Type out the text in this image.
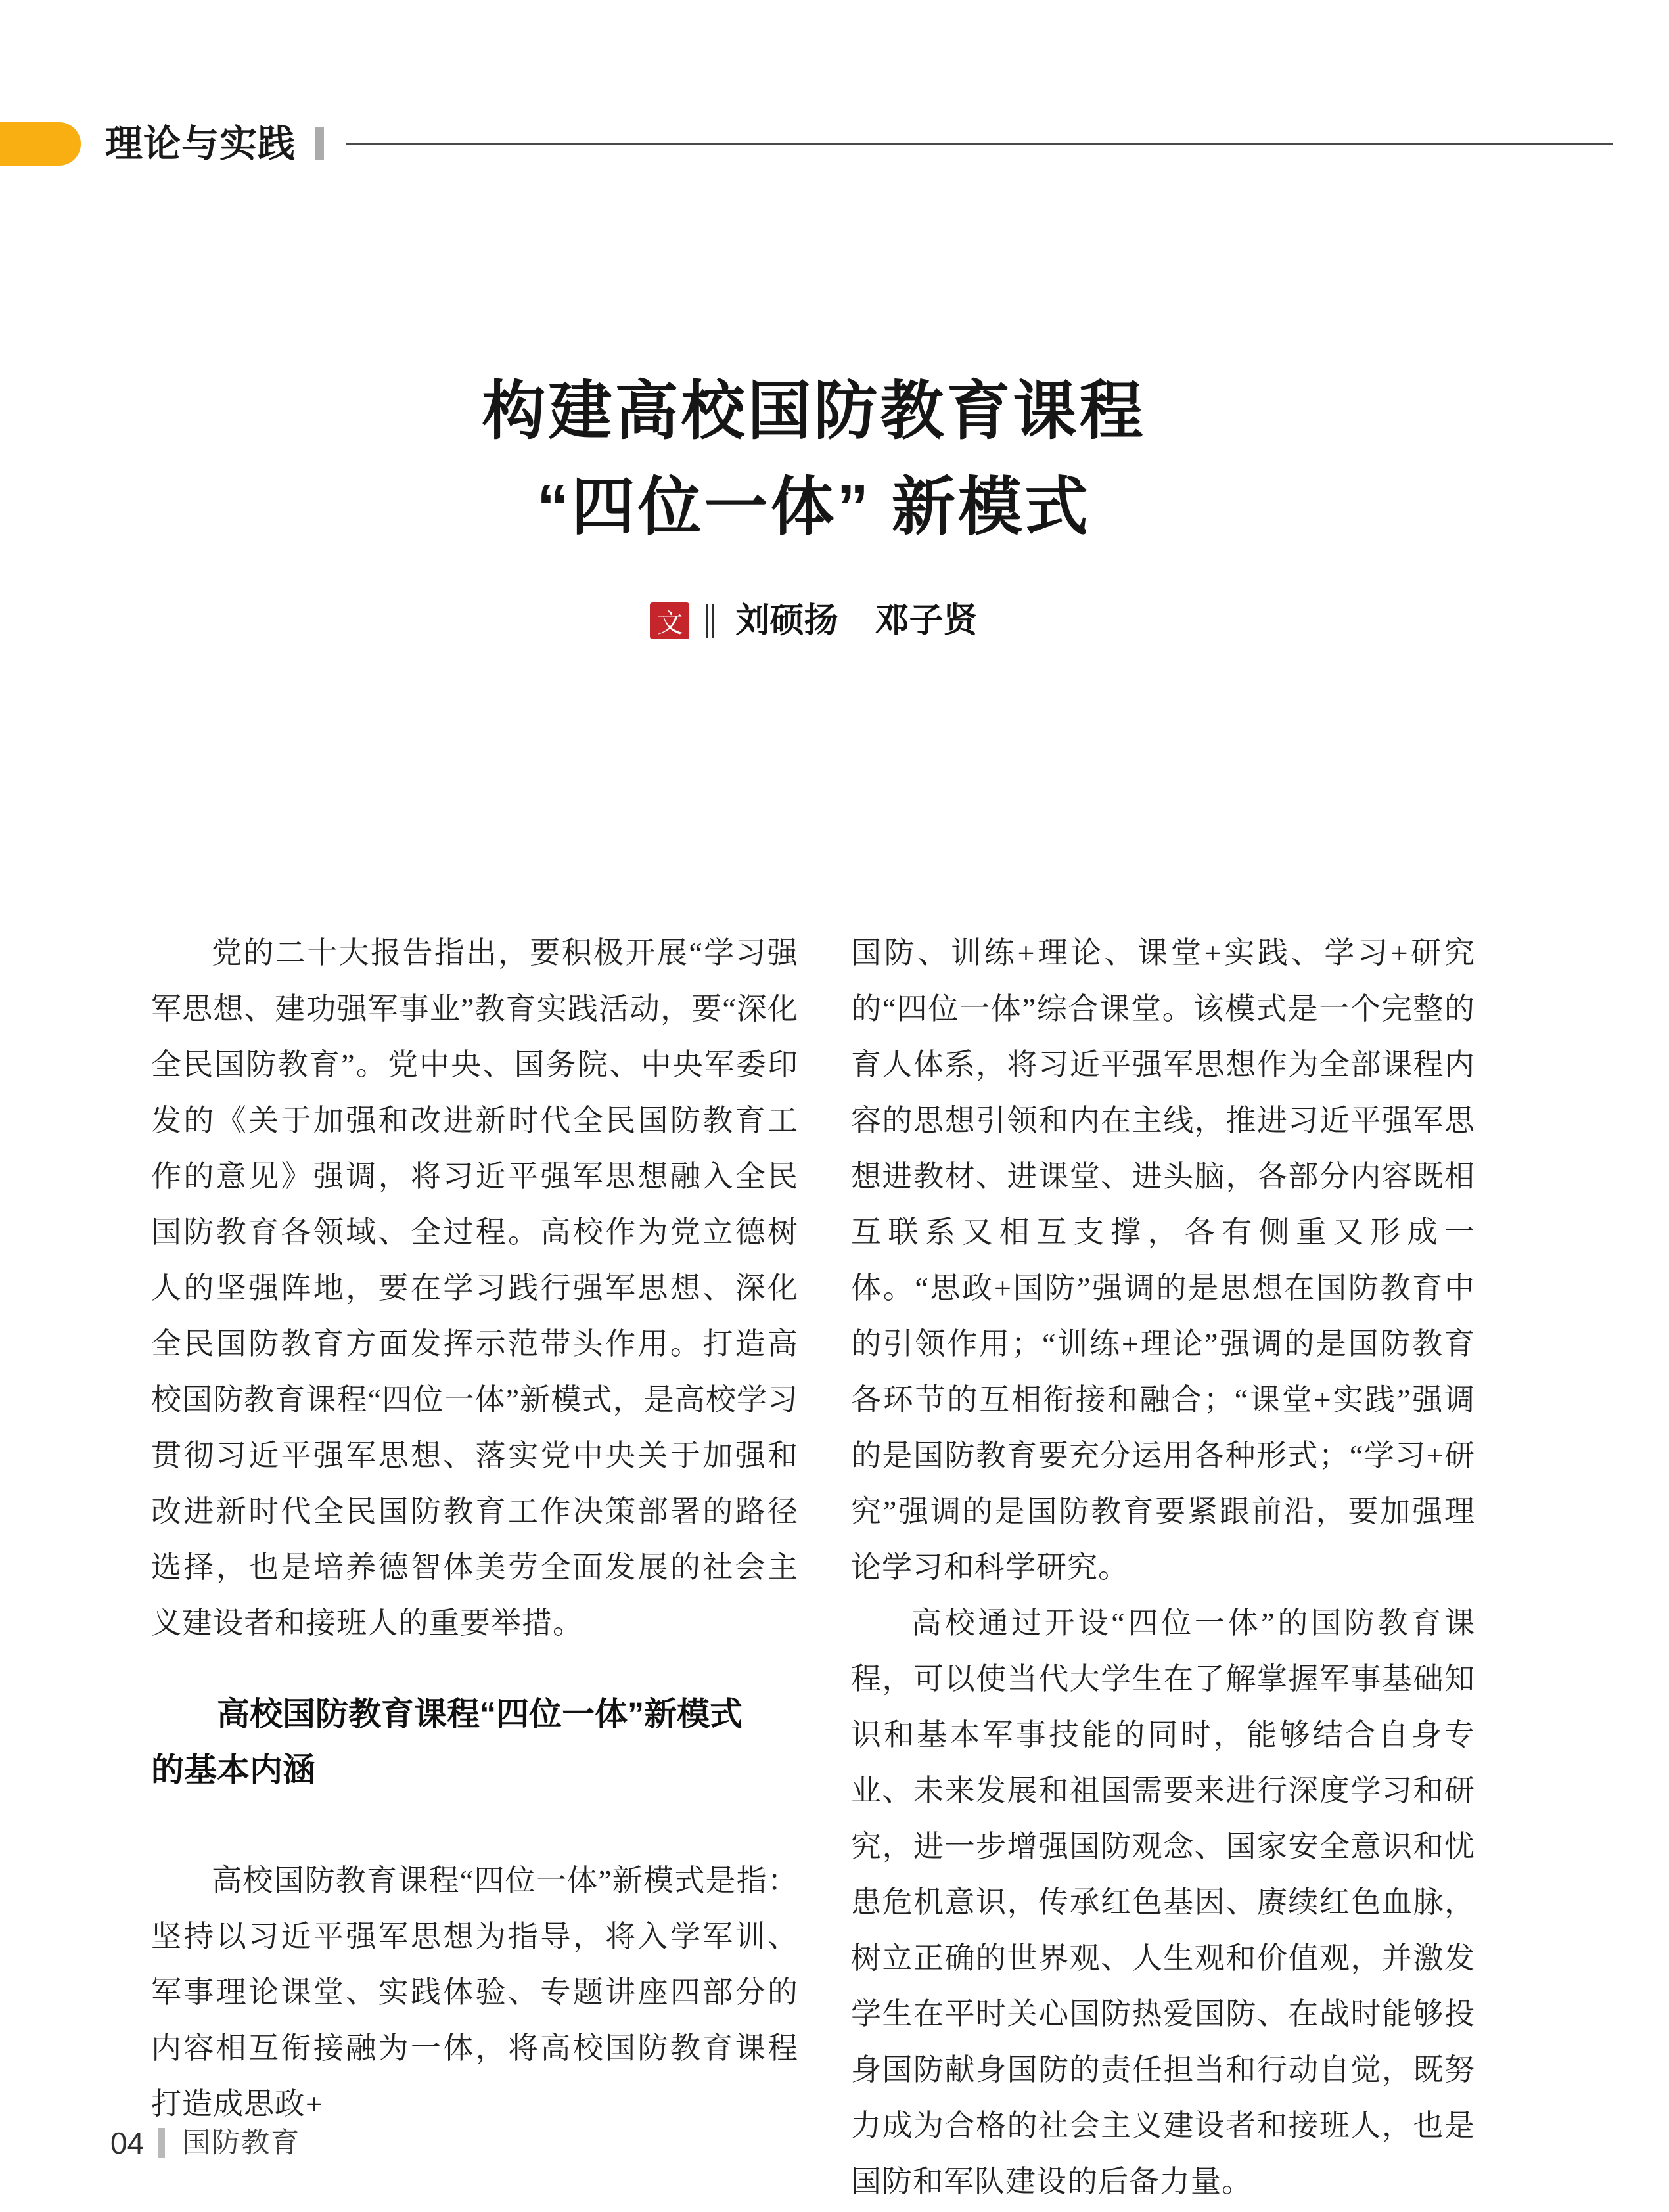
理论与实践
构建高校国防教育课程
“四位一体” 新模式
文 刘硕扬 邓子贤

党的二十大报告指出，要积极开展“学习强军思想、建功强军事业”教育实践活动，要“深化全民国防教育”。党中央、国务院、中央军委印发的《关于加强和改进新时代全民国防教育工作的意见》强调，将习近平强军思想融入全民国防教育各领域、全过程。高校作为党立德树人的坚强阵地，要在学习践行强军思想、深化全民国防教育方面发挥示范带头作用。打造高校国防教育课程“四位一体”新模式，是高校学习贯彻习近平强军思想、落实党中央关于加强和改进新时代全民国防教育工作决策部署的路径选择，也是培养德智体美劳全面发展的社会主义建设者和接班人的重要举措。

高校国防教育课程“四位一体”新模式
的基本内涵

高校国防教育课程“四位一体”新模式是指：坚持以习近平强军思想为指导，将入学军训、军事理论课堂、实践体验、专题讲座四部分的内容相互衔接融为一体，将高校国防教育课程打造成思政+

国防、训练+理论、课堂+实践、学习+研究的“四位一体”综合课堂。该模式是一个完整的育人体系，将习近平强军思想作为全部课程内容的思想引领和内在主线，推进习近平强军思想进教材、进课堂、进头脑，各部分内容既相互联系又相互支撑，各有侧重又形成一体。“思政+国防”强调的是思想在国防教育中的引领作用；“训练+理论”强调的是国防教育各环节的互相衔接和融合；“课堂+实践”强调的是国防教育要充分运用各种形式；“学习+研究”强调的是国防教育要紧跟前沿，要加强理论学习和科学研究。

高校通过开设“四位一体”的国防教育课程，可以使当代大学生在了解掌握军事基础知识和基本军事技能的同时，能够结合自身专业、未来发展和祖国需要来进行深度学习和研究，进一步增强国防观念、国家安全意识和忧患危机意识，传承红色基因、赓续红色血脉，树立正确的世界观、人生观和价值观，并激发学生在平时关心国防热爱国防、在战时能够投身国防献身国防的责任担当和行动自觉，既努力成为合格的社会主义建设者和接班人，也是国防和军队建设的后备力量。

04 国防教育
